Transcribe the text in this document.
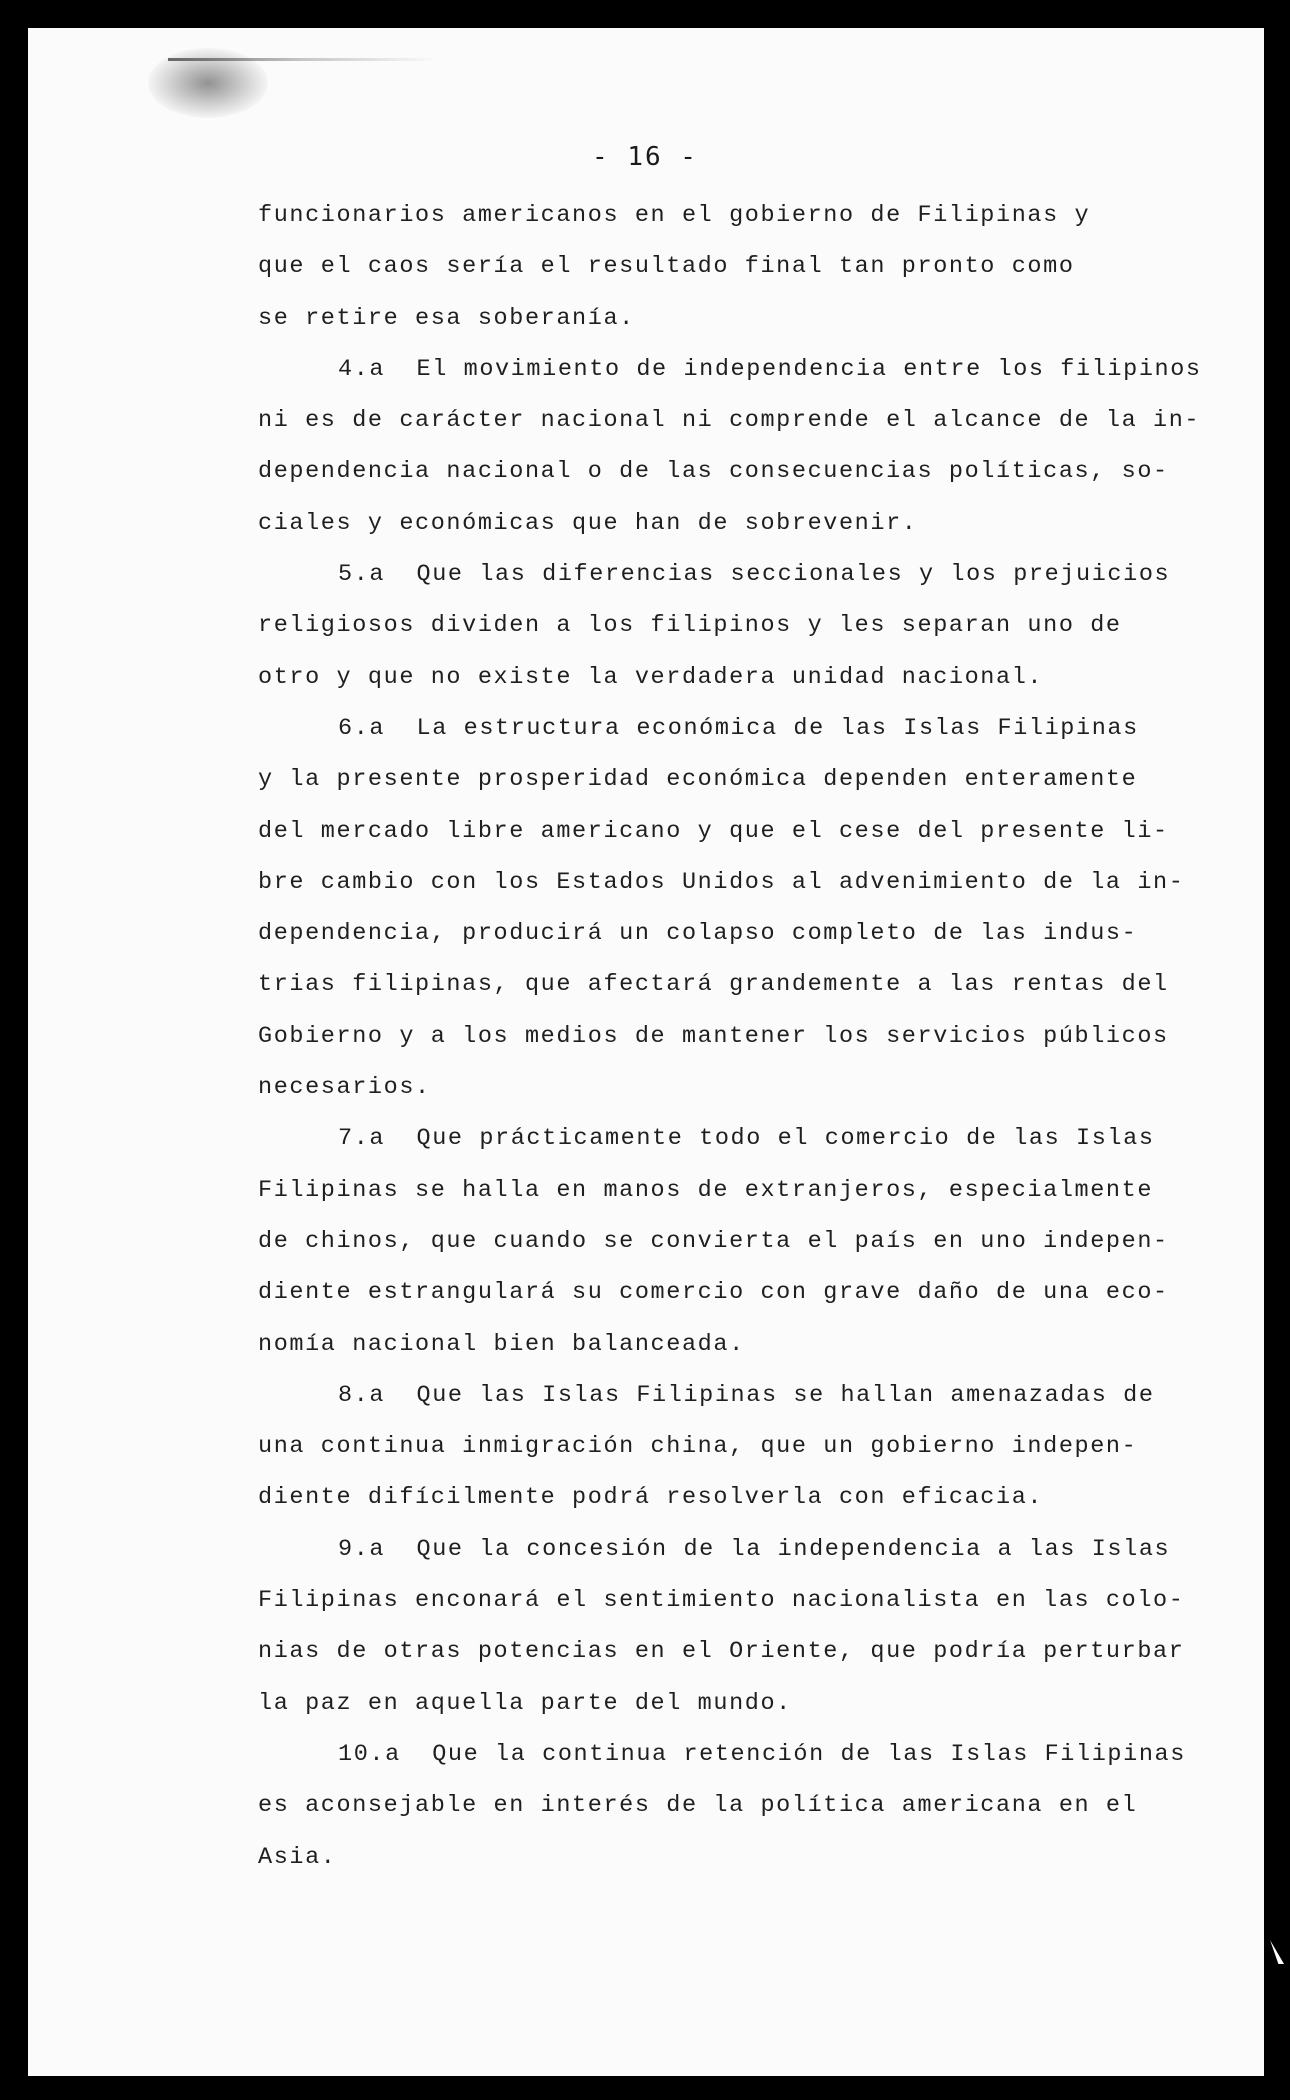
- 16 -
funcionarios americanos en el gobierno de Filipinas y
que el caos sería el resultado final tan pronto como
se retire esa soberanía.
4.a  El movimiento de independencia entre los filipinos
ni es de carácter nacional ni comprende el alcance de la in-
dependencia nacional o de las consecuencias políticas, so-
ciales y económicas que han de sobrevenir.
5.a  Que las diferencias seccionales y los prejuicios
religiosos dividen a los filipinos y les separan uno de
otro y que no existe la verdadera unidad nacional.
6.a  La estructura económica de las Islas Filipinas
y la presente prosperidad económica dependen enteramente
del mercado libre americano y que el cese del presente li-
bre cambio con los Estados Unidos al advenimiento de la in-
dependencia, producirá un colapso completo de las indus-
trias filipinas, que afectará grandemente a las rentas del
Gobierno y a los medios de mantener los servicios públicos
necesarios.
7.a  Que prácticamente todo el comercio de las Islas
Filipinas se halla en manos de extranjeros, especialmente
de chinos, que cuando se convierta el país en uno indepen-
diente estrangulará su comercio con grave daño de una eco-
nomía nacional bien balanceada.
8.a  Que las Islas Filipinas se hallan amenazadas de
una continua inmigración china, que un gobierno indepen-
diente difícilmente podrá resolverla con eficacia.
9.a  Que la concesión de la independencia a las Islas
Filipinas enconará el sentimiento nacionalista en las colo-
nias de otras potencias en el Oriente, que podría perturbar
la paz en aquella parte del mundo.
10.a  Que la continua retención de las Islas Filipinas
es aconsejable en interés de la política americana en el
Asia.
